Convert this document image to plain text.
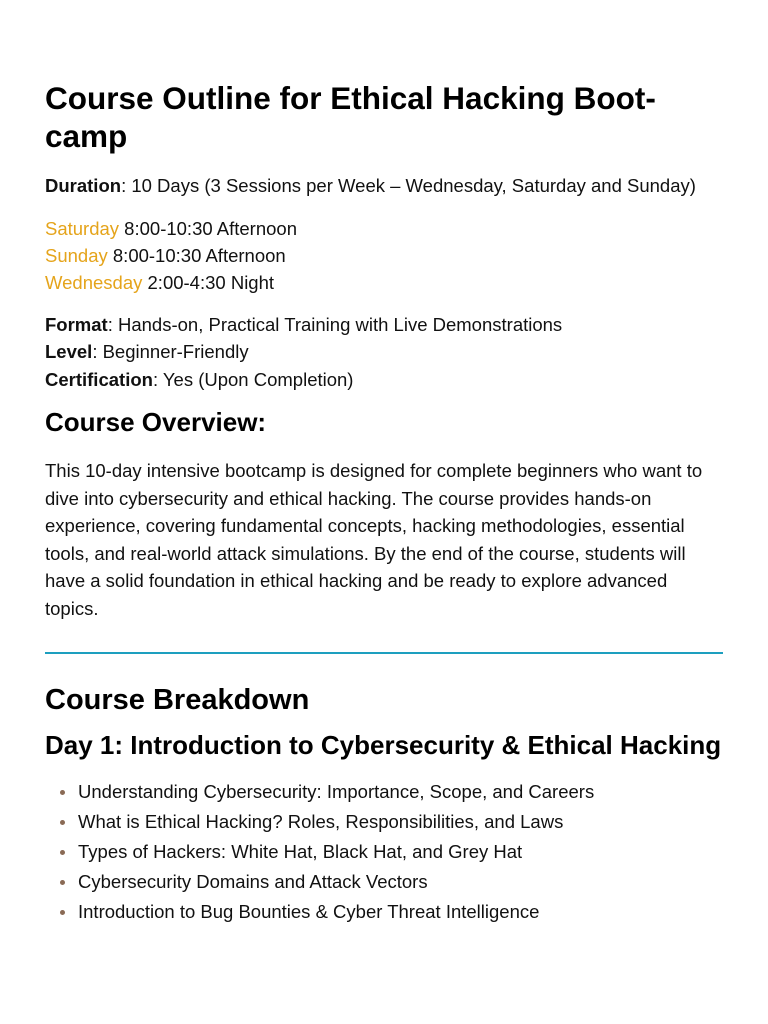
Course Outline for Ethical Hacking Boot-camp
Duration: 10 Days (3 Sessions per Week – Wednesday, Saturday and Sunday)
Saturday 8:00-10:30 Afternoon
Sunday 8:00-10:30 Afternoon
Wednesday 2:00-4:30 Night
Format: Hands-on, Practical Training with Live Demonstrations
Level: Beginner-Friendly
Certification: Yes (Upon Completion)
Course Overview:

This 10-day intensive bootcamp is designed for complete beginners who want to dive into cybersecurity and ethical hacking. The course provides hands-on experience, covering fundamental concepts, hacking methodologies, essential tools, and real-world attack simulations. By the end of the course, students will have a solid foundation in ethical hacking and be ready to explore advanced topics.

Course Breakdown
Day 1: Introduction to Cybersecurity & Ethical Hacking
Understanding Cybersecurity: Importance, Scope, and Careers
What is Ethical Hacking? Roles, Responsibilities, and Laws
Types of Hackers: White Hat, Black Hat, and Grey Hat
Cybersecurity Domains and Attack Vectors
Introduction to Bug Bounties & Cyber Threat Intelligence
